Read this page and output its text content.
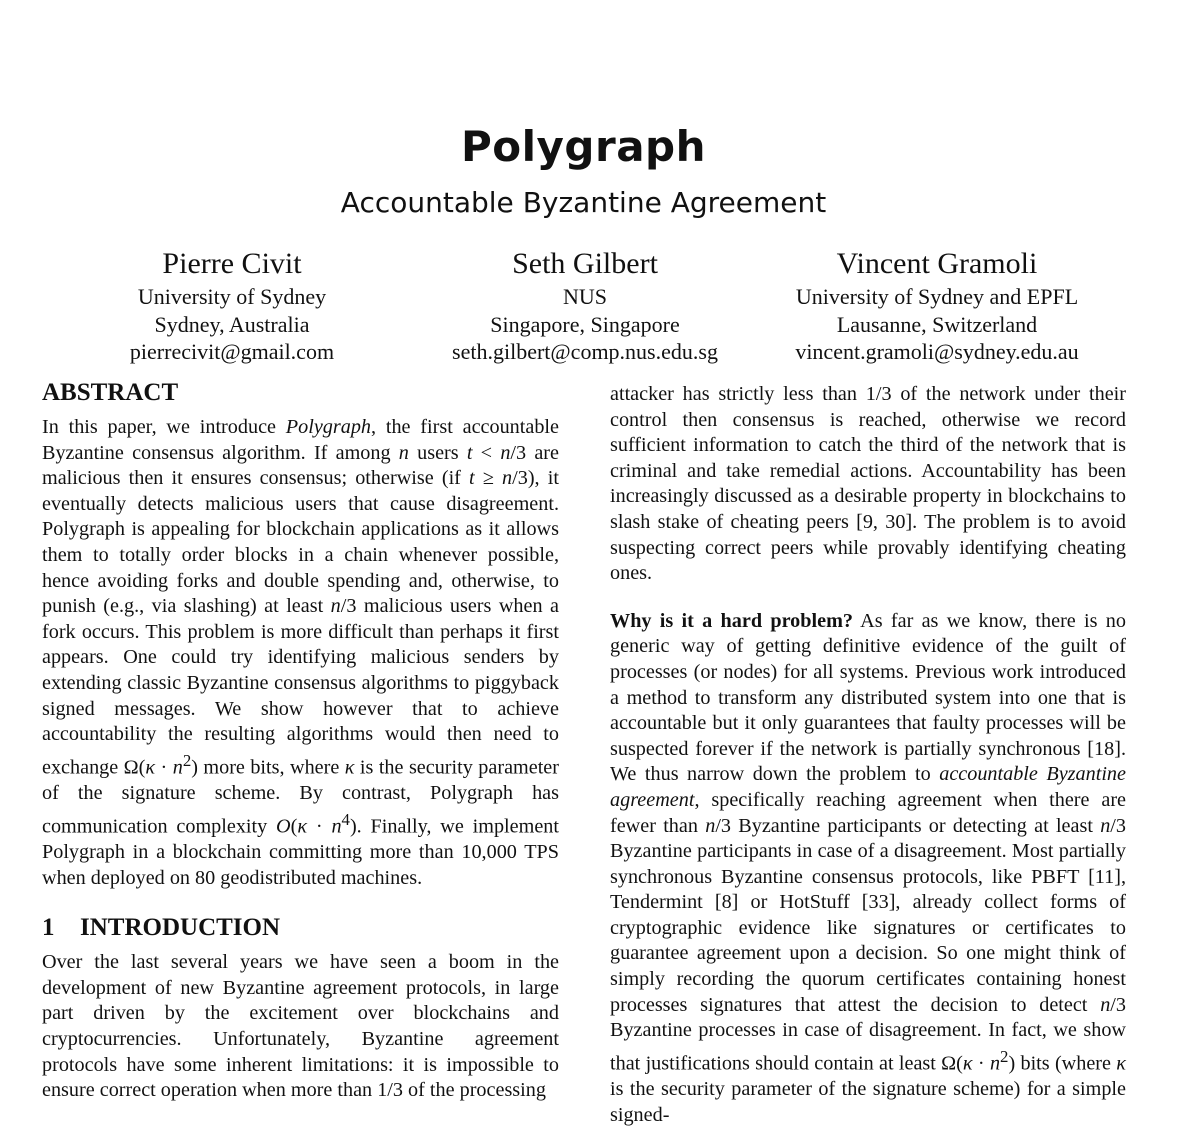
Polygraph
Accountable Byzantine Agreement
Pierre Civit
University of Sydney
Sydney, Australia
pierrecivit@gmail.com
Seth Gilbert
NUS
Singapore, Singapore
seth.gilbert@comp.nus.edu.sg
Vincent Gramoli
University of Sydney and EPFL
Lausanne, Switzerland
vincent.gramoli@sydney.edu.au
ABSTRACT

In this paper, we introduce Polygraph, the first accountable Byzantine consensus algorithm. If among n users t < n/3 are malicious then it ensures consensus; otherwise (if t ≥ n/3), it eventually detects malicious users that cause disagreement. Polygraph is appealing for blockchain applications as it allows them to totally order blocks in a chain whenever possible, hence avoiding forks and double spending and, otherwise, to punish (e.g., via slashing) at least n/3 malicious users when a fork occurs. This problem is more difficult than perhaps it first appears. One could try identifying malicious senders by extending classic Byzantine consensus algorithms to piggyback signed messages. We show however that to achieve accountability the resulting algorithms would then need to exchange $\Omega(\kappa \cdot n^2)$ more bits, where κ is the security parameter of the signature scheme. By contrast, Polygraph has communication complexity $O(\kappa \cdot n^4)$. Finally, we implement Polygraph in a blockchain committing more than 10,000 TPS when deployed on 80 geodistributed machines.

1 INTRODUCTION

Over the last several years we have seen a boom in the development of new Byzantine agreement protocols, in large part driven by the excitement over blockchains and cryptocurrencies. Unfortunately, Byzantine agreement protocols have some inherent limitations: it is impossible to ensure correct operation when more than 1/3 of the processing

attacker has strictly less than 1/3 of the network under their control then consensus is reached, otherwise we record sufficient information to catch the third of the network that is criminal and take remedial actions. Accountability has been increasingly discussed as a desirable property in blockchains to slash stake of cheating peers [9, 30]. The problem is to avoid suspecting correct peers while provably identifying cheating ones.

Why is it a hard problem? As far as we know, there is no generic way of getting definitive evidence of the guilt of processes (or nodes) for all systems. Previous work introduced a method to transform any distributed system into one that is accountable but it only guarantees that faulty processes will be suspected forever if the network is partially synchronous [18]. We thus narrow down the problem to accountable Byzantine agreement, specifically reaching agreement when there are fewer than n/3 Byzantine participants or detecting at least n/3 Byzantine participants in case of a disagreement. Most partially synchronous Byzantine consensus protocols, like PBFT [11], Tendermint [8] or HotStuff [33], already collect forms of cryptographic evidence like signatures or certificates to guarantee agreement upon a decision. So one might think of simply recording the quorum certificates containing honest processes signatures that attest the decision to detect n/3 Byzantine processes in case of disagreement. In fact, we show that justifications should contain at least $\Omega(\kappa \cdot n^2)$ bits (where κ is the security parameter of the signature scheme) for a simple signed-
